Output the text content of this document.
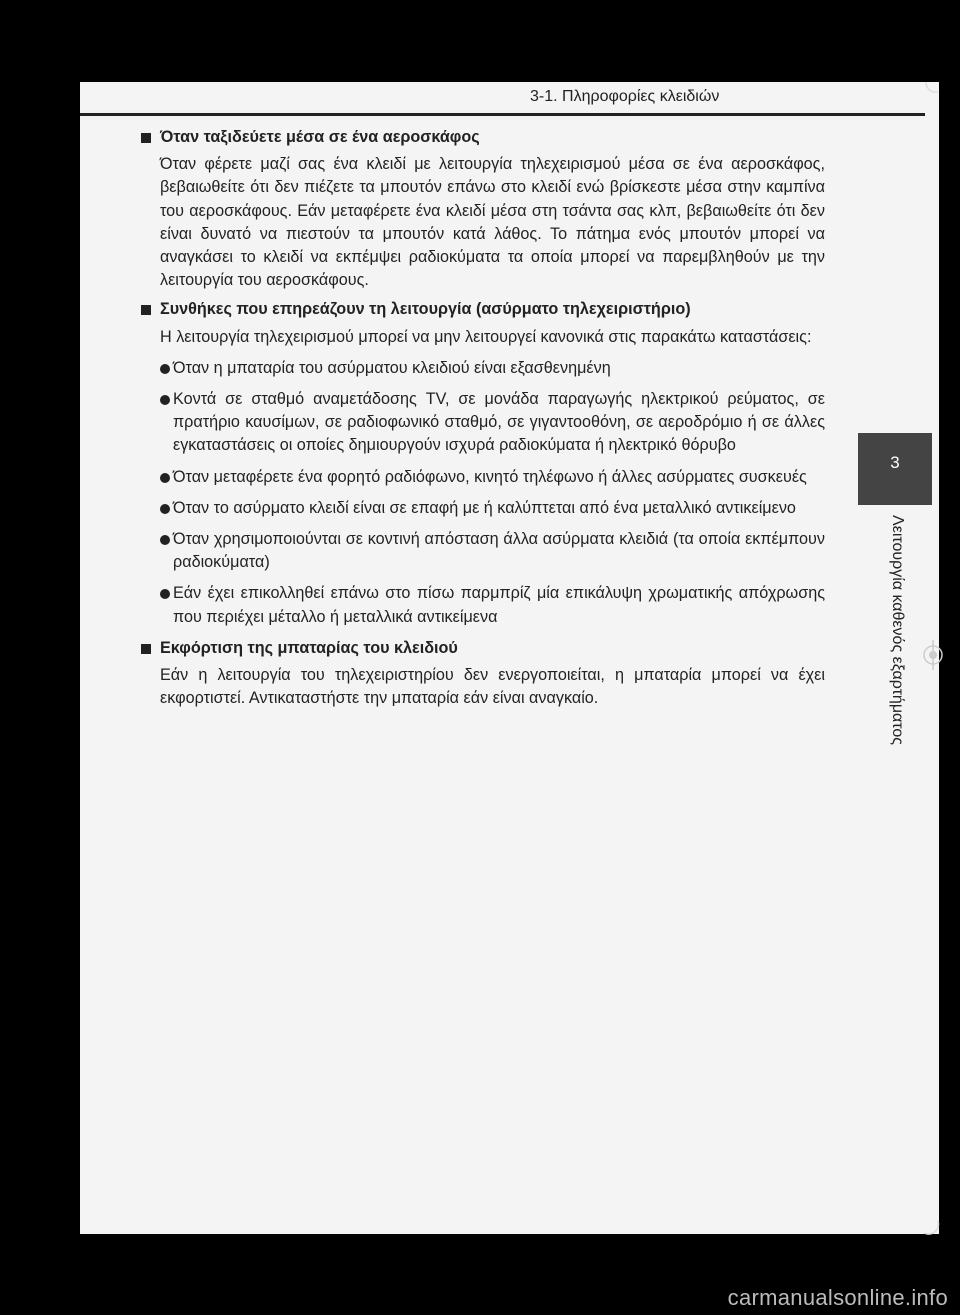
3-1. Πληροφορίες κλειδιών
Όταν ταξιδεύετε μέσα σε ένα αεροσκάφος
Όταν φέρετε μαζί σας ένα κλειδί με λειτουργία τηλεχειρισμού μέσα σε ένα αεροσκάφος, βεβαιωθείτε ότι δεν πιέζετε τα μπουτόν επάνω στο κλειδί ενώ βρίσκεστε μέσα στην καμπίνα του αεροσκάφους. Εάν μεταφέρετε ένα κλειδί μέσα στη τσάντα σας κλπ, βεβαιωθείτε ότι δεν είναι δυνατό να πιεστούν τα μπουτόν κατά λάθος. Το πάτημα ενός μπουτόν μπορεί να αναγκάσει το κλειδί να εκπέμψει ραδιοκύματα τα οποία μπορεί να παρεμβληθούν με την λειτουργία του αεροσκάφους.
Συνθήκες που επηρεάζουν τη λειτουργία (ασύρματο τηλεχειριστήριο)
Η λειτουργία τηλεχειρισμού μπορεί να μην λειτουργεί κανονικά στις παρακάτω καταστάσεις:
Όταν η μπαταρία του ασύρματου κλειδιού είναι εξασθενημένη
Κοντά σε σταθμό αναμετάδοσης TV, σε μονάδα παραγωγής ηλεκτρικού ρεύματος, σε πρατήριο καυσίμων, σε ραδιοφωνικό σταθμό, σε γιγαντοοθόνη, σε αεροδρόμιο ή σε άλλες εγκαταστάσεις οι οποίες δημιουργούν ισχυρά ραδιοκύματα ή ηλεκτρικό θόρυβο
Όταν μεταφέρετε ένα φορητό ραδιόφωνο, κινητό τηλέφωνο ή άλλες ασύρματες συσκευές
Όταν το ασύρματο κλειδί είναι σε επαφή με ή καλύπτεται από ένα μεταλλικό αντικείμενο
Όταν χρησιμοποιούνται σε κοντινή απόσταση άλλα ασύρματα κλειδιά (τα οποία εκπέμπουν ραδιοκύματα)
Εάν έχει επικολληθεί επάνω στο πίσω παρμπρίζ μία επικάλυψη χρωματικής απόχρωσης που περιέχει μέταλλο ή μεταλλικά αντικείμενα
Εκφόρτιση της μπαταρίας του κλειδιού
Εάν η λειτουργία του τηλεχειριστηρίου δεν ενεργοποιείται, η μπαταρία μπορεί να έχει εκφορτιστεί. Αντικαταστήστε την μπαταρία εάν είναι αναγκαίο.
3
Λειτουργία καθενός εξαρτήματος
carmanualsonline.info
